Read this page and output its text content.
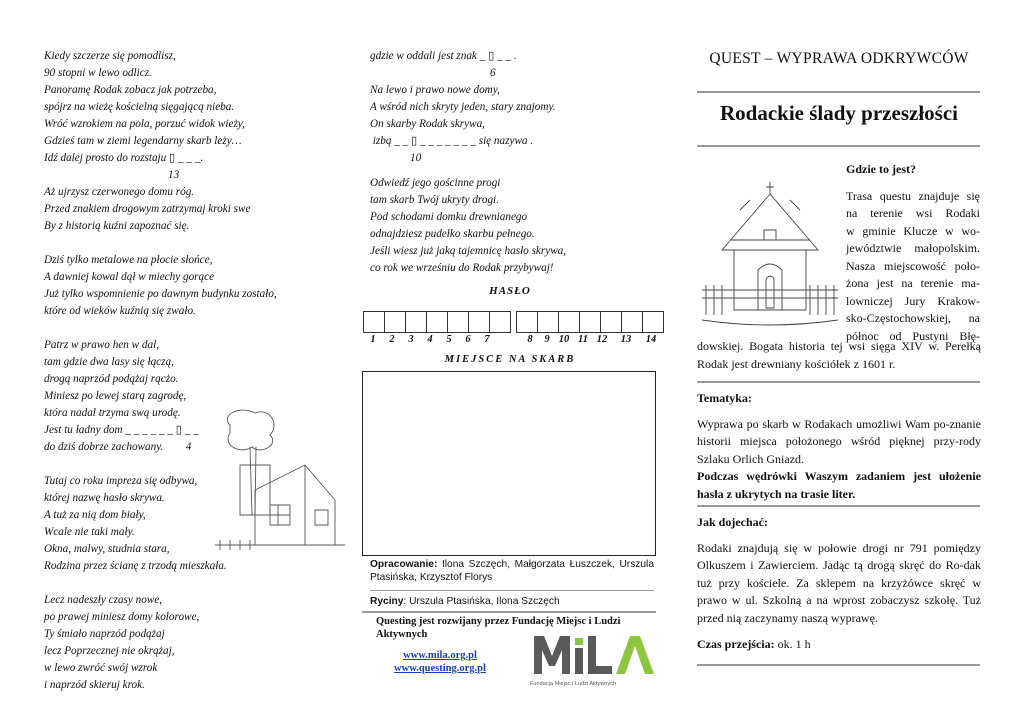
Kiedy szczerze się pomodlisz,

90 stopni w lewo odlicz.

Panoramę Rodak zobacz jak potrzeba,

spójrz na wieżę kościelną sięgającą nieba.

Wróć wzrokiem na pola, porzuć widok wieży,

Gdzieś tam w ziemi legendarny skarb leży…

Idź dalej prosto do rozstaju ▯ _ _ _.

13

Aż ujrzysz czerwonego domu róg.

Przed znakiem drogowym zatrzymaj kroki swe

By z historią kuźni zapoznać się.

Dziś tylko metalowe na płocie słońce,

A dawniej kowal dął w miechy gorące

Już tylko wspomnienie po dawnym budynku zostało,

które od wieków kuźnią się zwało.

Patrz w prawo hen w dal,

tam gdzie dwa lasy się łączą,

drogą naprzód podążaj rącżo.

Miniesz po lewej starą zagrodę,

która nadal trzyma swą urodę.

Jest tu ładny dom _ _ _ _ _ _ ▯ _ _

do dziś dobrze zachowany.        4

Tutaj co roku impreza się odbywa,

której nazwę hasło skrywa.

A tuż za nią dom biały,

Wcale nie taki mały.

Okna, malwy, studnia stara,

Rodzina przez ścianę z trzodą mieszkała.

Lecz nadeszły czasy nowe,

po prawej miniesz domy kolorowe,

Ty śmiało naprzód podążaj

lecz Poprzecznej nie okrążaj,

w lewo zwróć swój wzrok

i naprzód skieruj krok.

gdzie w oddali jest znak _ ▯ _ _ .

6

Na lewo i prawo nowe domy,

A wśród nich skryty jeden, stary znajomy.

On skarby Rodak skrywa,

izbą _ _ ▯ _ _ _ _ _ _ _ się nazywa .

10

Odwiedź jego gościnne progi

tam skarb Twój ukryty drogi.

Pod schodami domku drewnianego

odnajdziesz pudełko skarbu pełnego.

Jeśli wiesz już jaką tajemnicę hasło skrywa,

co rok we wrześniu do Rodak przybywaj!

HASŁO
1	2	3	4	5	6	7	8	9 10 11 12	13	14
MIEJSCE NA SKARB
Opracowanie: Ilona Szczęch, Małgorzata Łuszczek, Urszula Ptasińska, Krzysztof Florys
Ryciny: Urszula Ptasińska, Ilona Szczęch
Questing jest rozwijany przez Fundację Miejsc i Ludzi Aktywnych
www.mila.org.pl
www.questing.org.pl
Fundacja Miejsc i Ludzi Aktywnych
QUEST – WYPRAWA ODKRYWCÓW
Rodackie ślady przeszłości
Gdzie to jest?
Trasa questu znajduje się
na terenie wsi Rodaki
w gminie Klucze w wo-
jewództwie małopolskim.
Nasza miejscowość poło-
żona jest na terenie ma-
lowniczej Jury Krakow-
sko-Częstochowskiej, na
północ od Pustyni Błę-
dowskiej. Bogata historia tej wsi sięga XIV w. Perełką Rodak jest drewniany kościółek z 1601 r.
Tematyka:
Wyprawa po skarb w Rodakach umożliwi Wam po-znanie historii miejsca położonego wśród pięknej przy-rody Szlaku Orlich Gniazd.
Podczas wędrówki Waszym zadaniem jest ułożenie hasła z ukrytych na trasie liter.
Jak dojechać:
Rodaki znajdują się w połowie drogi nr 791 pomiędzy Olkuszem i Zawierciem. Jadąc tą drogą skręć do Ro-dak tuż przy kościele. Za sklepem na krzyżówce skręć w prawo w ul. Szkolną a na wprost zobaczysz szkołę. Tuż przed nią zaczynamy naszą wyprawę.
Czas przejścia: ok. 1 h
